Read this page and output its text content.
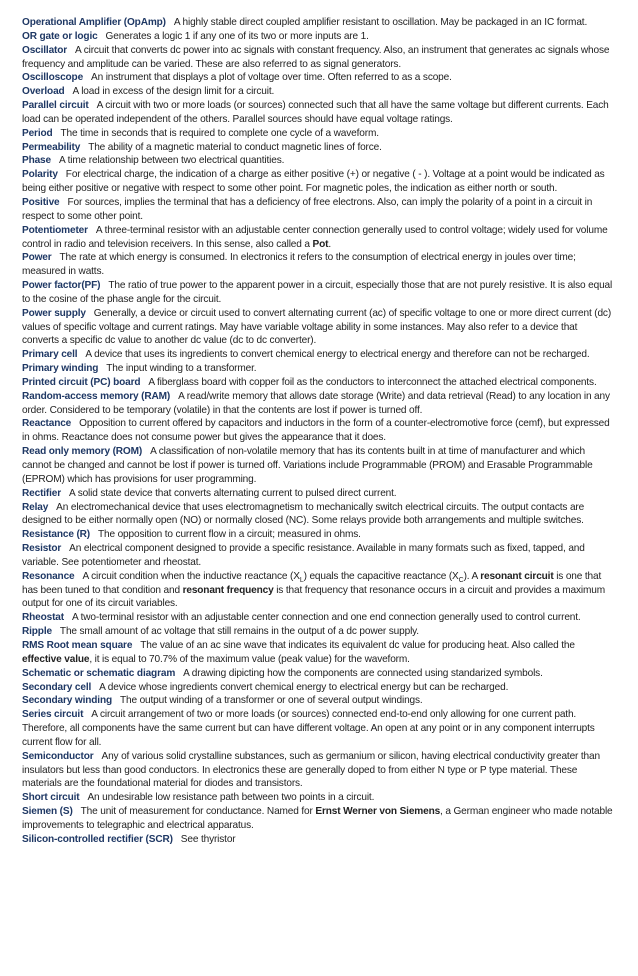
Operational Amplifier (OpAmp) A highly stable direct coupled amplifier resistant to oscillation. May be packaged in an IC format.

OR gate or logic Generates a logic 1 if any one of its two or more inputs are 1.

Oscillator A circuit that converts dc power into ac signals with constant frequency. Also, an instrument that generates ac signals whose frequency and amplitude can be varied. These are also referred to as signal generators.

Oscilloscope An instrument that displays a plot of voltage over time. Often referred to as a scope.

Overload A load in excess of the design limit for a circuit.

Parallel circuit A circuit with two or more loads (or sources) connected such that all have the same voltage but different currents. Each load can be operated independent of the others. Parallel sources should have equal voltage ratings.

Period The time in seconds that is required to complete one cycle of a waveform.

Permeability The ability of a magnetic material to conduct magnetic lines of force.

Phase A time relationship between two electrical quantities.

Polarity For electrical charge, the indication of a charge as either positive (+) or negative ( - ). Voltage at a point would be indicated as being either positive or negative with respect to some other point. For magnetic poles, the indication as either north or south.

Positive For sources, implies the terminal that has a deficiency of free electrons. Also, can imply the polarity of a point in a circuit in respect to some other point.

Potentiometer A three-terminal resistor with an adjustable center connection generally used to control voltage; widely used for volume control in radio and television receivers. In this sense, also called a Pot.

Power The rate at which energy is consumed. In electronics it refers to the consumption of electrical energy in joules over time; measured in watts.

Power factor(PF) The ratio of true power to the apparent power in a circuit, especially those that are not purely resistive. It is also equal to the cosine of the phase angle for the circuit.

Power supply Generally, a device or circuit used to convert alternating current (ac) of specific voltage to one or more direct current (dc) values of specific voltage and current ratings. May have variable voltage ability in some instances. May also refer to a device that converts a specific dc value to another dc value (dc to dc converter).

Primary cell A device that uses its ingredients to convert chemical energy to electrical energy and therefore can not be recharged.

Primary winding The input winding to a transformer.

Printed circuit (PC) board A fiberglass board with copper foil as the conductors to interconnect the attached electrical components.

Random-access memory (RAM) A read/write memory that allows date storage (Write) and data retrieval (Read) to any location in any order. Considered to be temporary (volatile) in that the contents are lost if power is turned off.

Reactance Opposition to current offered by capacitors and inductors in the form of a counter-electromotive force (cemf), but expressed in ohms. Reactance does not consume power but gives the appearance that it does.

Read only memory (ROM) A classification of non-volatile memory that has its contents built in at time of manufacturer and which cannot be changed and cannot be lost if power is turned off. Variations include Programmable (PROM) and Erasable Programmable (EPROM) which has provisions for user programming.

Rectifier A solid state device that converts alternating current to pulsed direct current.

Relay An electromechanical device that uses electromagnetism to mechanically switch electrical circuits. The output contacts are designed to be either normally open (NO) or normally closed (NC). Some relays provide both arrangements and multiple switches.

Resistance (R) The opposition to current flow in a circuit; measured in ohms.

Resistor An electrical component designed to provide a specific resistance. Available in many formats such as fixed, tapped, and variable. See potentiometer and rheostat.

Resonance A circuit condition when the inductive reactance $(X_L)$ equals the capacitive reactance $(X_C)$. A resonant circuit is one that has been tuned to that condition and resonant frequency is that frequency that resonance occurs in a circuit and provides a maximum output for one of its circuit variables.

Rheostat A two-terminal resistor with an adjustable center connection and one end connection generally used to control current.

Ripple The small amount of ac voltage that still remains in the output of a dc power supply.

RMS Root mean square The value of an ac sine wave that indicates its equivalent dc value for producing heat. Also called the effective value, it is equal to 70.7% of the maximum value (peak value) for the waveform.

Schematic or schematic diagram A drawing dipicting how the components are connected using standarized symbols.

Secondary cell A device whose ingredients convert chemical energy to electrical energy but can be recharged.

Secondary winding The output winding of a transformer or one of several output windings.

Series circuit A circuit arrangement of two or more loads (or sources) connected end-to-end only allowing for one current path. Therefore, all components have the same current but can have different voltage. An open at any point or in any component interrupts current flow for all.

Semiconductor Any of various solid crystalline substances, such as germanium or silicon, having electrical conductivity greater than insulators but less than good conductors. In electronics these are generally doped to from either N type or P type material. These materials are the foundational material for diodes and transistors.

Short circuit An undesirable low resistance path between two points in a circuit.

Siemen (S) The unit of measurement for conductance. Named for Ernst Werner von Siemens, a German engineer who made notable improvements to telegraphic and electrical apparatus.

Silicon-controlled rectifier (SCR) See thyristor
